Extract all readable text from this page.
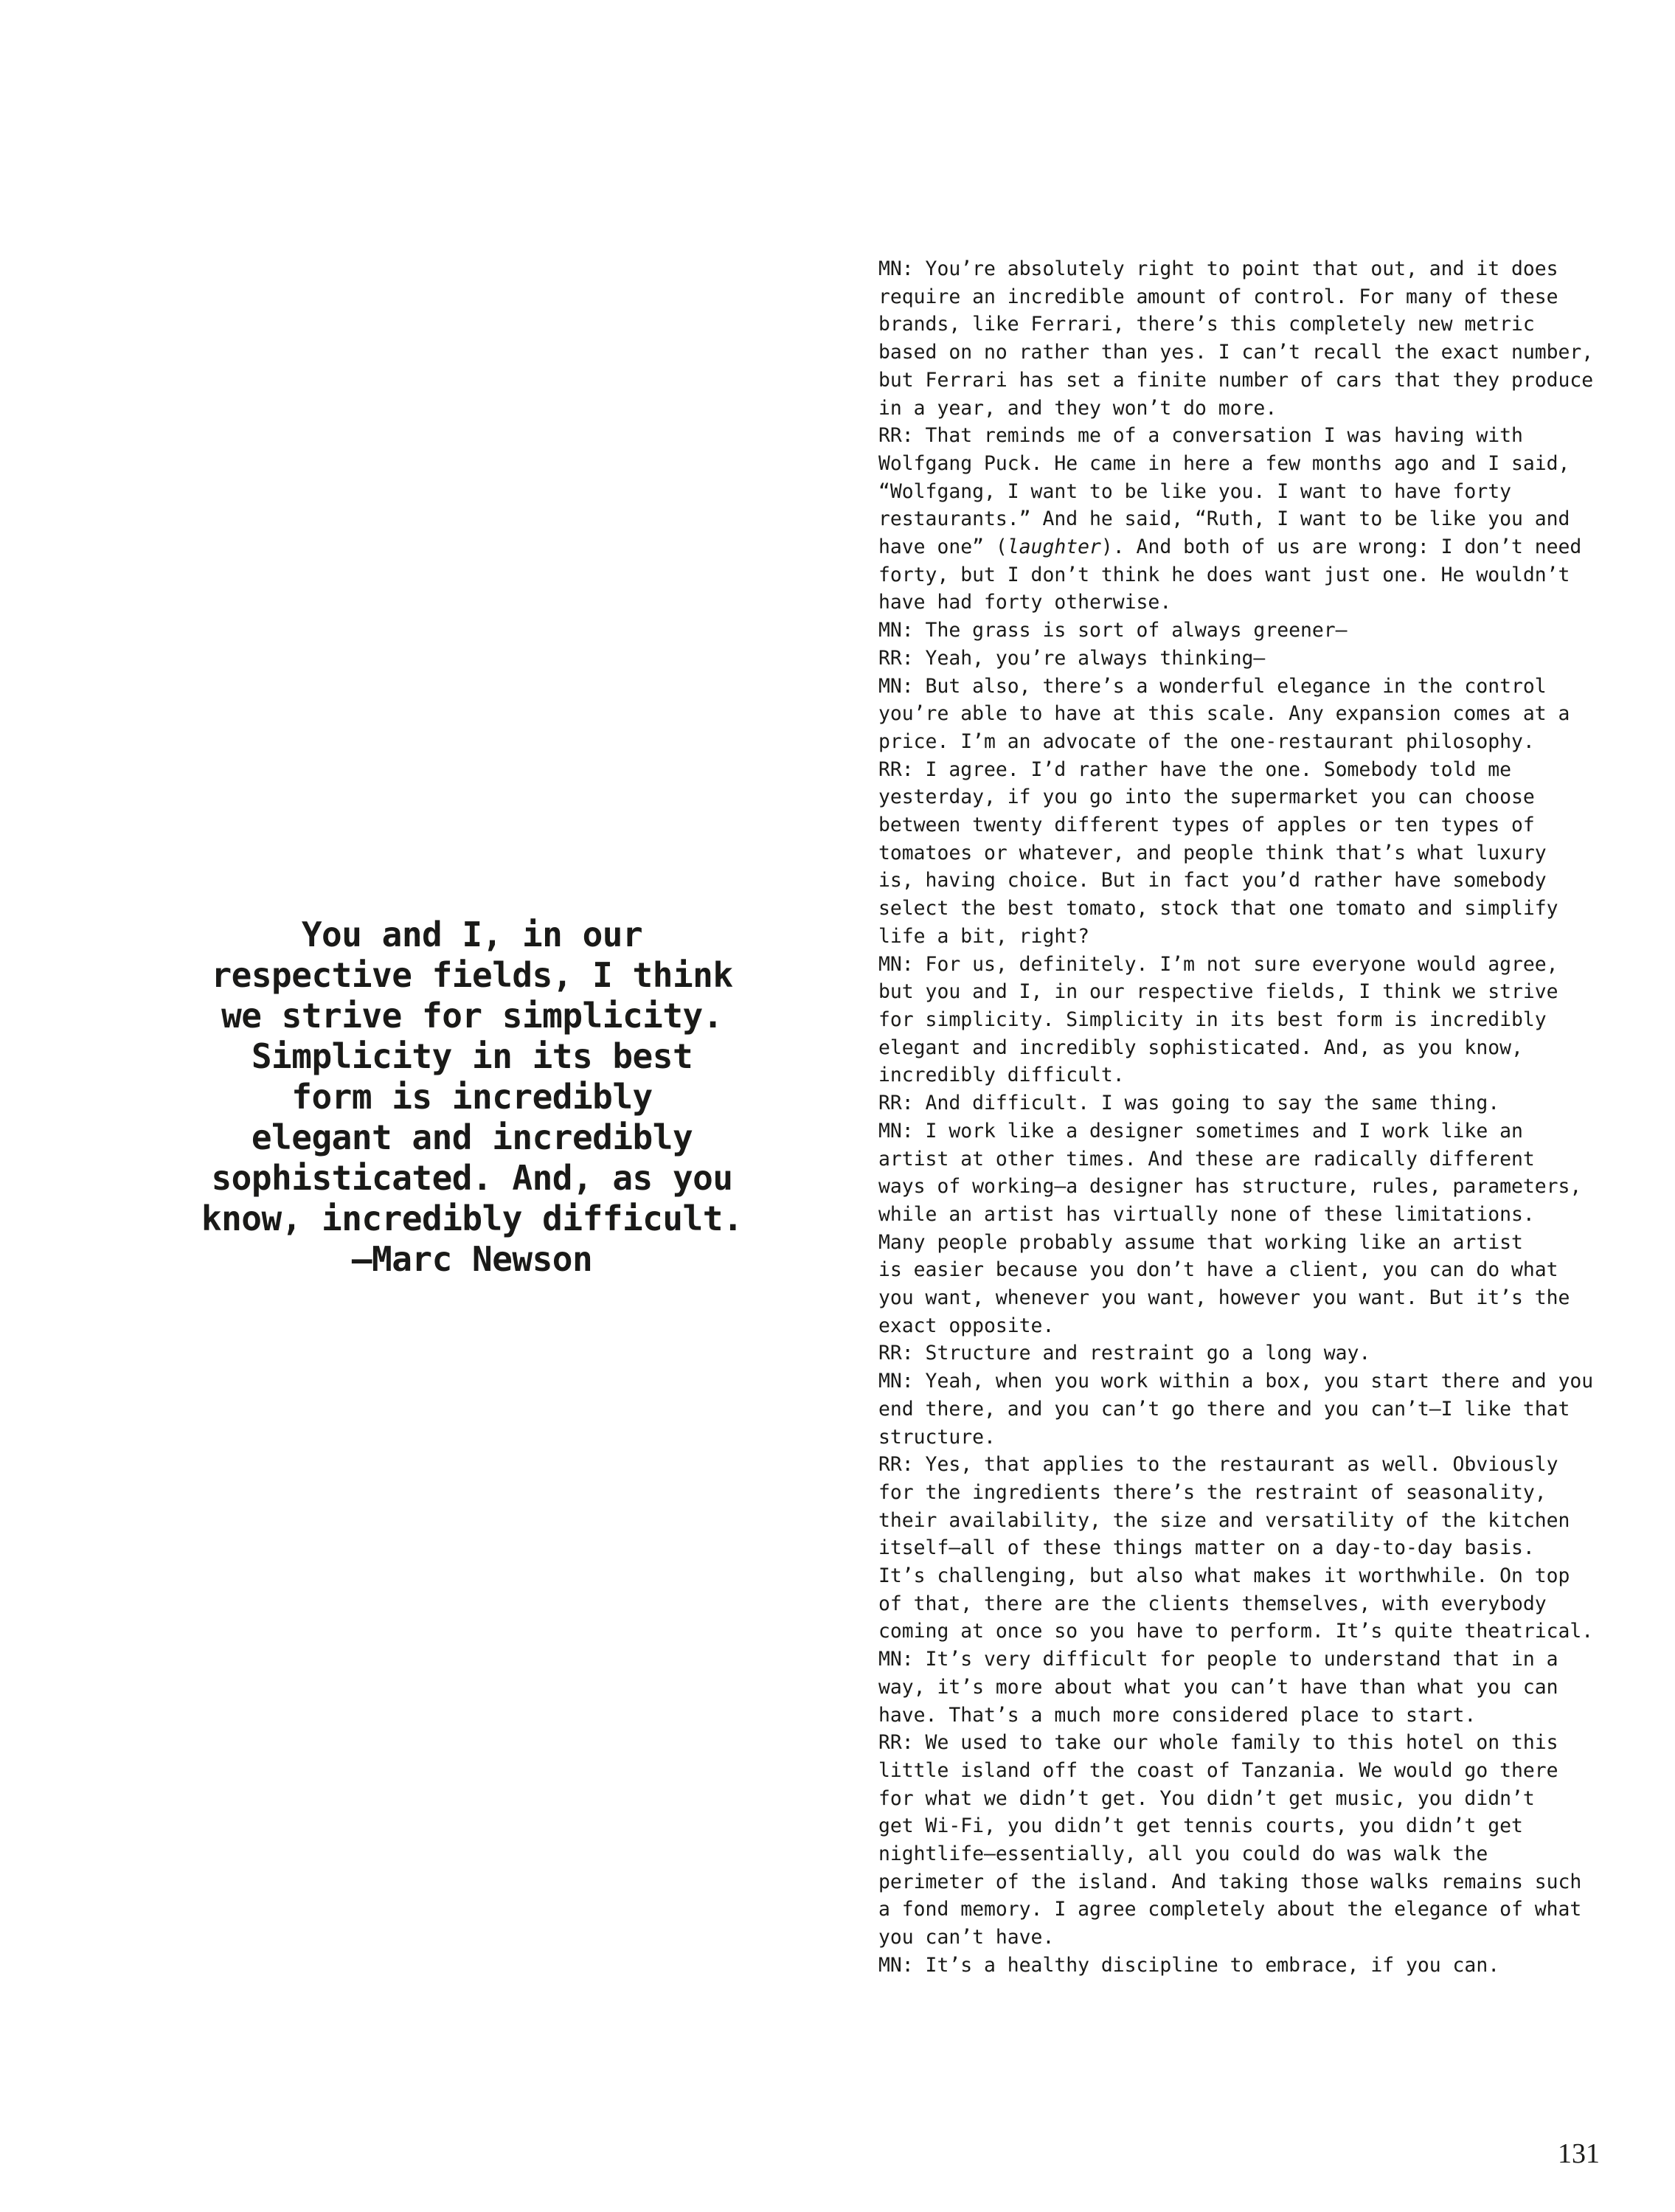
You and I, in our
respective fields, I think
we strive for simplicity.
Simplicity in its best
form is incredibly
elegant and incredibly
sophisticated. And, as you
know, incredibly difficult.
—Marc Newson
MN: You’re absolutely right to point that out, and it does
require an incredible amount of control. For many of these
brands, like Ferrari, there’s this completely new metric
based on no rather than yes. I can’t recall the exact number,
but Ferrari has set a finite number of cars that they produce
in a year, and they won’t do more.
RR: That reminds me of a conversation I was having with
Wolfgang Puck. He came in here a few months ago and I said,
“Wolfgang, I want to be like you. I want to have forty
restaurants.” And he said, “Ruth, I want to be like you and
have one” (laughter). And both of us are wrong: I don’t need
forty, but I don’t think he does want just one. He wouldn’t
have had forty otherwise.
MN: The grass is sort of always greener—
RR: Yeah, you’re always thinking—
MN: But also, there’s a wonderful elegance in the control
you’re able to have at this scale. Any expansion comes at a
price. I’m an advocate of the one-restaurant philosophy.
RR: I agree. I’d rather have the one. Somebody told me
yesterday, if you go into the supermarket you can choose
between twenty different types of apples or ten types of
tomatoes or whatever, and people think that’s what luxury
is, having choice. But in fact you’d rather have somebody
select the best tomato, stock that one tomato and simplify
life a bit, right?
MN: For us, definitely. I’m not sure everyone would agree,
but you and I, in our respective fields, I think we strive
for simplicity. Simplicity in its best form is incredibly
elegant and incredibly sophisticated. And, as you know,
incredibly difficult.
RR: And difficult. I was going to say the same thing.
MN: I work like a designer sometimes and I work like an
artist at other times. And these are radically different
ways of working—a designer has structure, rules, parameters,
while an artist has virtually none of these limitations.
Many people probably assume that working like an artist
is easier because you don’t have a client, you can do what
you want, whenever you want, however you want. But it’s the
exact opposite.
RR: Structure and restraint go a long way.
MN: Yeah, when you work within a box, you start there and you
end there, and you can’t go there and you can’t—I like that
structure.
RR: Yes, that applies to the restaurant as well. Obviously
for the ingredients there’s the restraint of seasonality,
their availability, the size and versatility of the kitchen
itself—all of these things matter on a day-to-day basis.
It’s challenging, but also what makes it worthwhile. On top
of that, there are the clients themselves, with everybody
coming at once so you have to perform. It’s quite theatrical.
MN: It’s very difficult for people to understand that in a
way, it’s more about what you can’t have than what you can
have. That’s a much more considered place to start.
RR: We used to take our whole family to this hotel on this
little island off the coast of Tanzania. We would go there
for what we didn’t get. You didn’t get music, you didn’t
get Wi-Fi, you didn’t get tennis courts, you didn’t get
nightlife—essentially, all you could do was walk the
perimeter of the island. And taking those walks remains such
a fond memory. I agree completely about the elegance of what
you can’t have.
MN: It’s a healthy discipline to embrace, if you can.
131
